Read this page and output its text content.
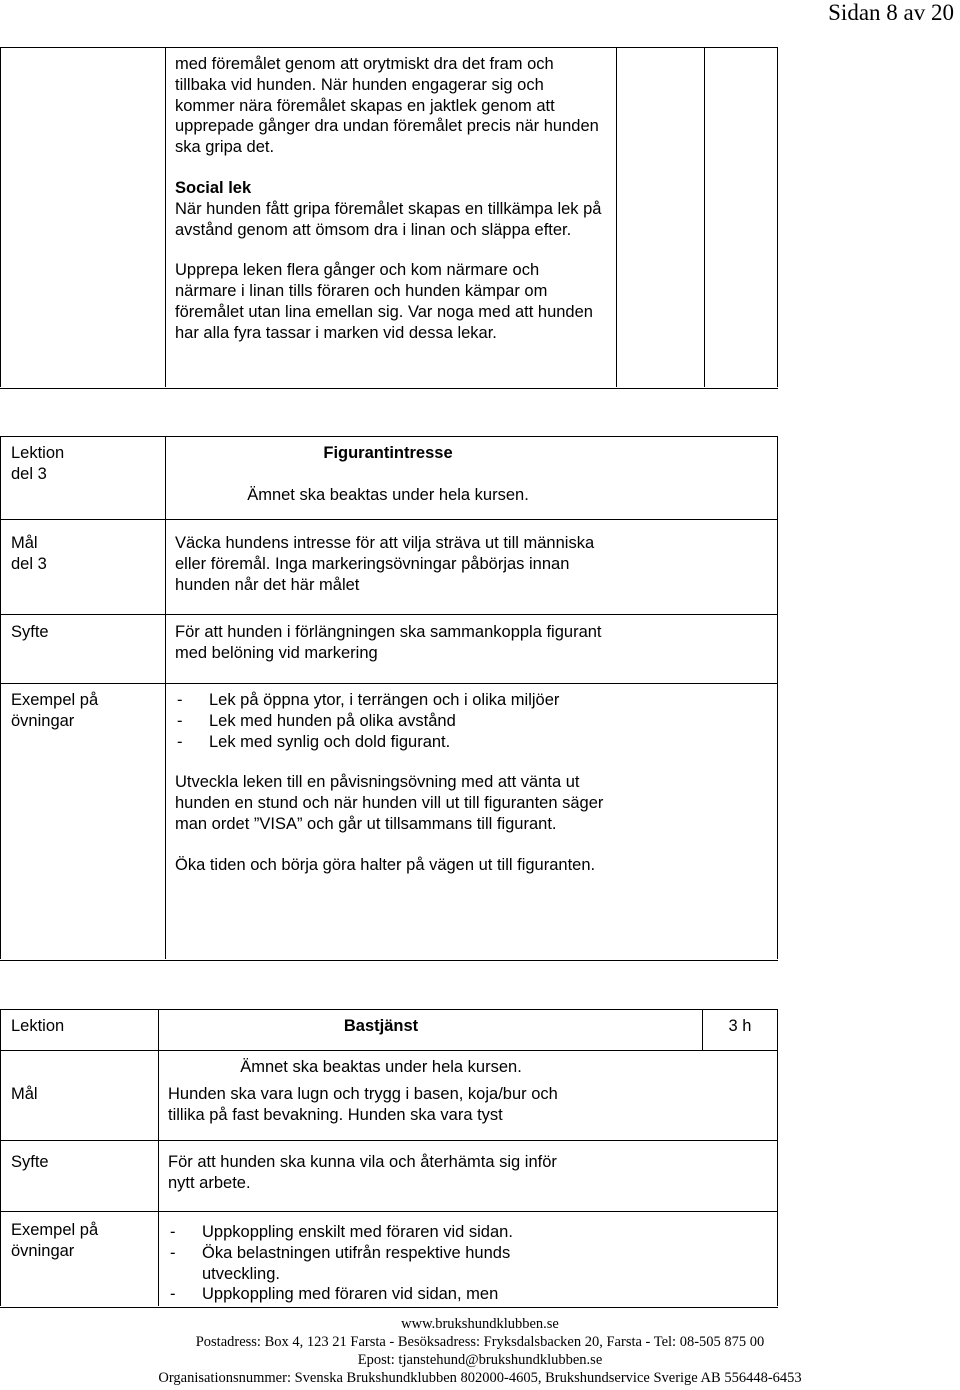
Sidan 8 av 20
med föremålet genom att orytmiskt dra det fram och tillbaka vid hunden. När hunden engagerar sig och kommer nära föremålet skapas en jaktlek genom att upprepade gånger dra undan föremålet precis när hunden ska gripa det.
Social lek
När hunden fått gripa föremålet skapas en tillkämpa lek på avstånd genom att ömsom dra i linan och släppa efter.
Upprepa leken flera gånger och kom närmare och närmare i linan tills föraren och hunden kämpar om föremålet utan lina emellan sig. Var noga med att hunden har alla fyra tassar i marken vid dessa lekar.
Lektion
del 3
Mål
del 3
Syfte
Exempel på
övningar
Figurantintresse
Ämnet ska beaktas under hela kursen.
Väcka hundens intresse för att vilja sträva ut till människa eller föremål. Inga markeringsövningar påbörjas innan hunden når det här målet
För att hunden i förlängningen ska sammankoppla figurant med belöning vid markering
- Lek på öppna ytor, i terrängen och i olika miljöer
- Lek med hunden på olika avstånd
- Lek med synlig och dold figurant.
Utveckla leken till en påvisningsövning med att vänta ut hunden en stund och när hunden vill ut till figuranten säger man ordet ”VISA” och går ut tillsammans till figurant.
Öka tiden och börja göra halter på vägen ut till figuranten.
Lektion
Mål
Syfte
Exempel på
övningar
Bastjänst	3 h
Ämnet ska beaktas under hela kursen.
Hunden ska vara lugn och trygg i basen, koja/bur och tillika på fast bevakning. Hunden ska vara tyst
För att hunden ska kunna vila och återhämta sig inför nytt arbete.
- Uppkoppling enskilt med föraren vid sidan.
- Öka belastningen utifrån respektive hunds utveckling.
- Uppkoppling med föraren vid sidan, men
www.brukshundklubben.se
Postadress: Box 4, 123 21 Farsta - Besöksadress: Fryksdalsbacken 20, Farsta - Tel: 08-505 875 00
Epost: tjanstehund@brukshundklubben.se
Organisationsnummer: Svenska Brukshundklubben 802000-4605, Brukshundservice Sverige AB 556448-6453
